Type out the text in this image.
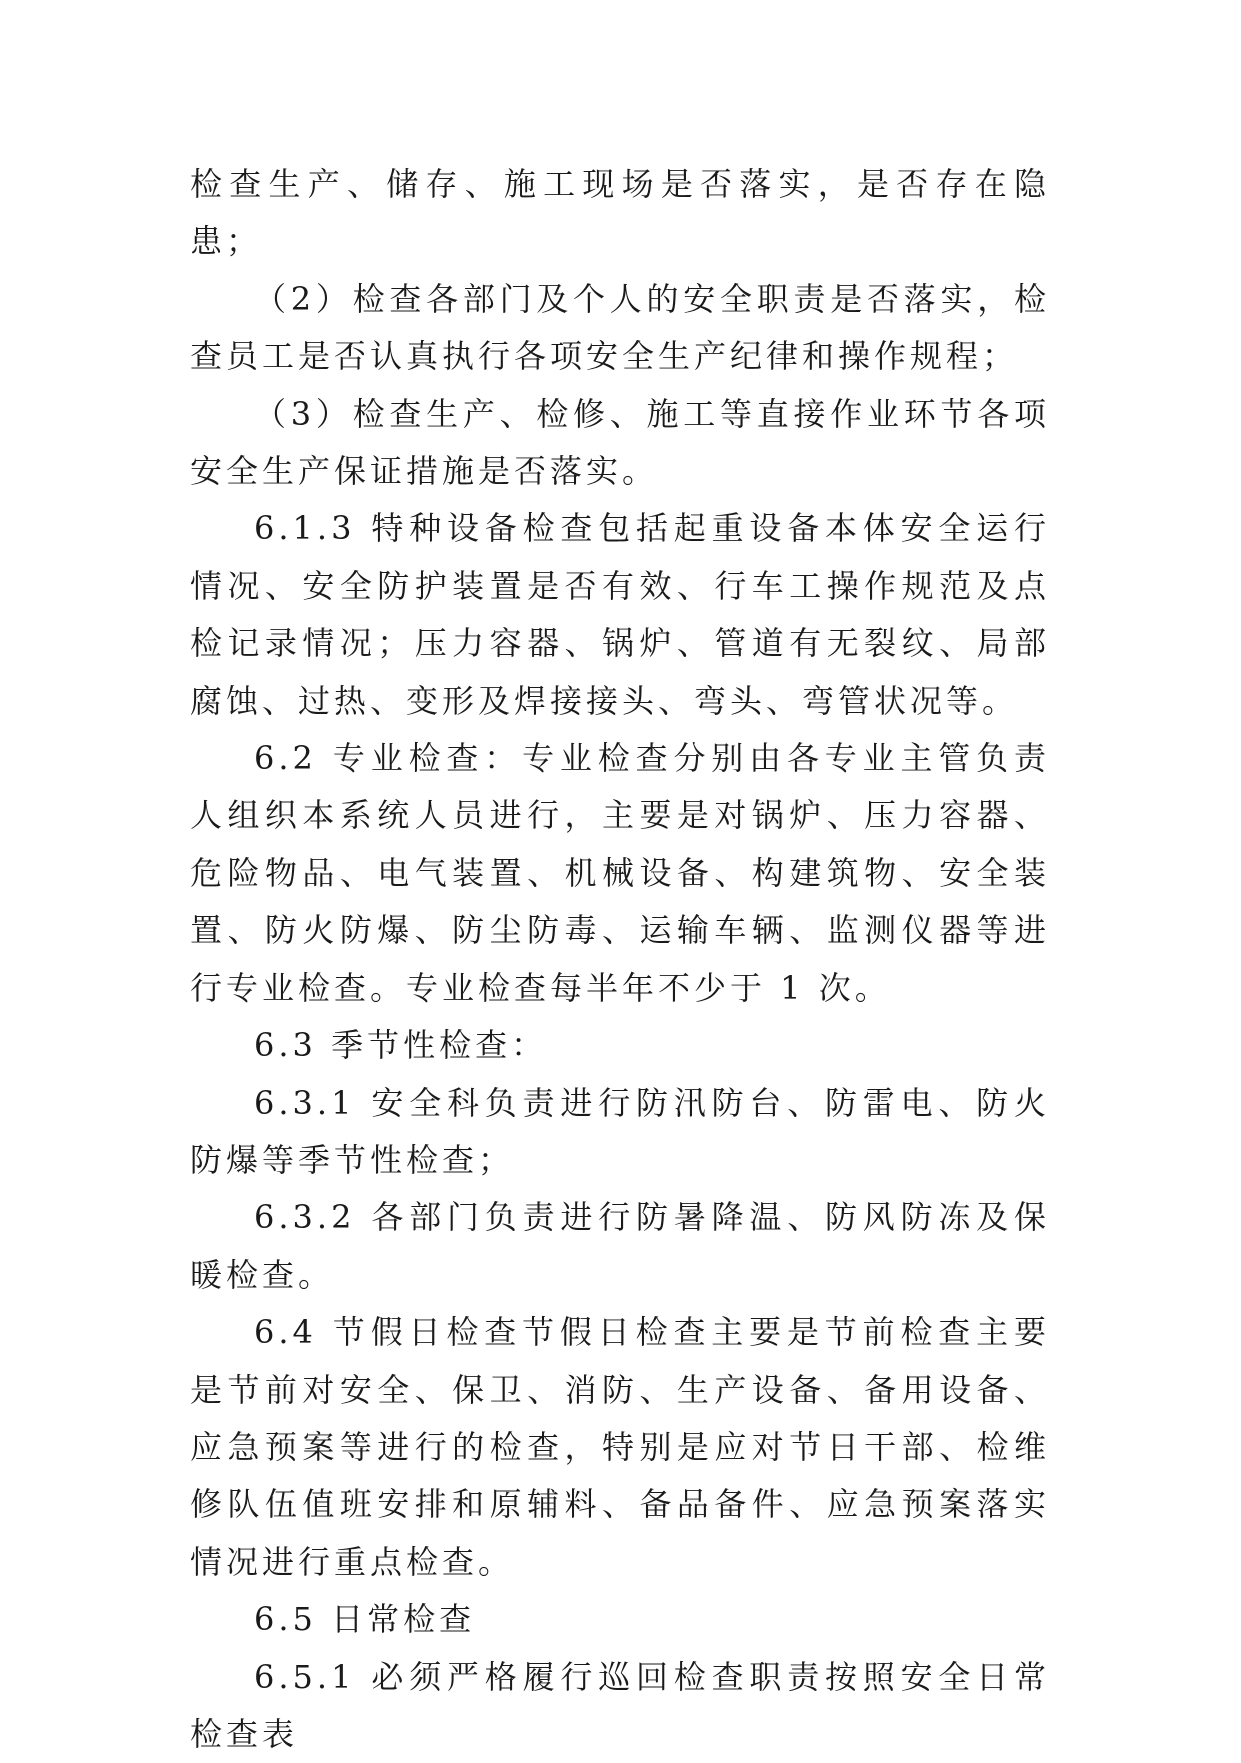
检查生产、储存、施工现场是否落实，是否存在隐患；

（2）检查各部门及个人的安全职责是否落实，检查员工是否认真执行各项安全生产纪律和操作规程；

（3）检查生产、检修、施工等直接作业环节各项安全生产保证措施是否落实。

6.1.3 特种设备检查包括起重设备本体安全运行情况、安全防护装置是否有效、行车工操作规范及点检记录情况；压力容器、锅炉、管道有无裂纹、局部腐蚀、过热、变形及焊接接头、弯头、弯管状况等。

6.2 专业检查：专业检查分别由各专业主管负责人组织本系统人员进行，主要是对锅炉、压力容器、危险物品、电气装置、机械设备、构建筑物、安全装置、防火防爆、防尘防毒、运输车辆、监测仪器等进行专业检查。专业检查每半年不少于 1 次。

6.3 季节性检查：

6.3.1 安全科负责进行防汛防台、防雷电、防火防爆等季节性检查；

6.3.2 各部门负责进行防暑降温、防风防冻及保暖检查。

6.4 节假日检查节假日检查主要是节前检查主要是节前对安全、保卫、消防、生产设备、备用设备、应急预案等进行的检查，特别是应对节日干部、检维修队伍值班安排和原辅料、备品备件、应急预案落实情况进行重点检查。

6.5 日常检查

6.5.1 必须严格履行巡回检查职责按照安全日常检查表
